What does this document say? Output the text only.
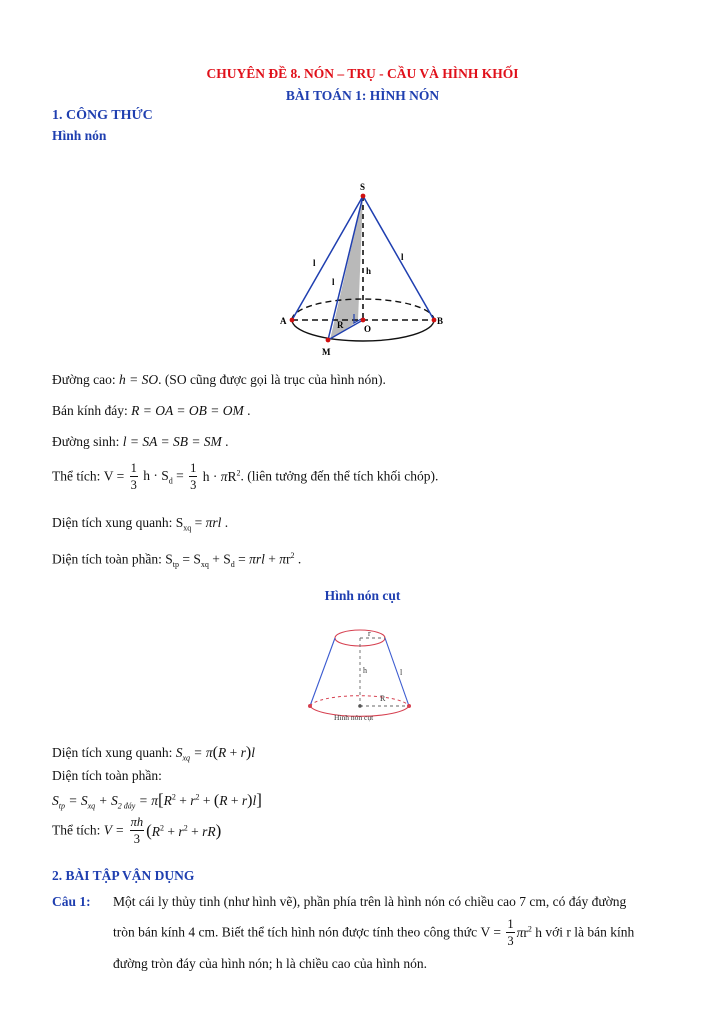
CHUYÊN ĐỀ 8. NÓN – TRỤ - CẦU VÀ HÌNH KHỐI
BÀI TOÁN 1: HÌNH NÓN
1. CÔNG THỨC
Hình nón
S
A	B
O
M
R
h
l
l
l
Đường cao: h = SO. (SO cũng được gọi là trục của hình nón).
Bán kính đáy: R = OA = OB = OM .
Đường sinh: l = SA = SB = SM .
Thể tích: $V = \frac{1}{3}$ $h \cdot S_d = \frac{1}{3}$ $h \cdot \pi R^2$. (liên tưởng đến thể tích khối chóp).
Diện tích xung quanh: $S_{xq} = \pi rl$ .
Diện tích toàn phần: $S_{tp} = S_{xq} + S_d = \pi rl + \pi r^2$ .
Hình nón cụt
r
h	l
R
Hình nón cụt
Diện tích xung quanh: $S_{xq} = \pi(R + r)l$
Diện tích toàn phần:
$S_{tp} = S_{xq} + S_{2 đáy} = \pi[R^2 + r^2 + (R + r)l]$
Thể tích: $V = \frac{\pi h}{3} (R^2 + r^2 + rR)$
2. BÀI TẬP VẬN DỤNG
Câu 1: Một cái ly thủy tinh (như hình vẽ), phần phía trên là hình nón có chiều cao 7 cm, có đáy đường
tròn bán kính 4 cm. Biết thể tích hình nón được tính theo công thức $V = \frac{1}{3} \pi r^2$ h với r là bán kính
đường tròn đáy của hình nón; h là chiều cao của hình nón.
